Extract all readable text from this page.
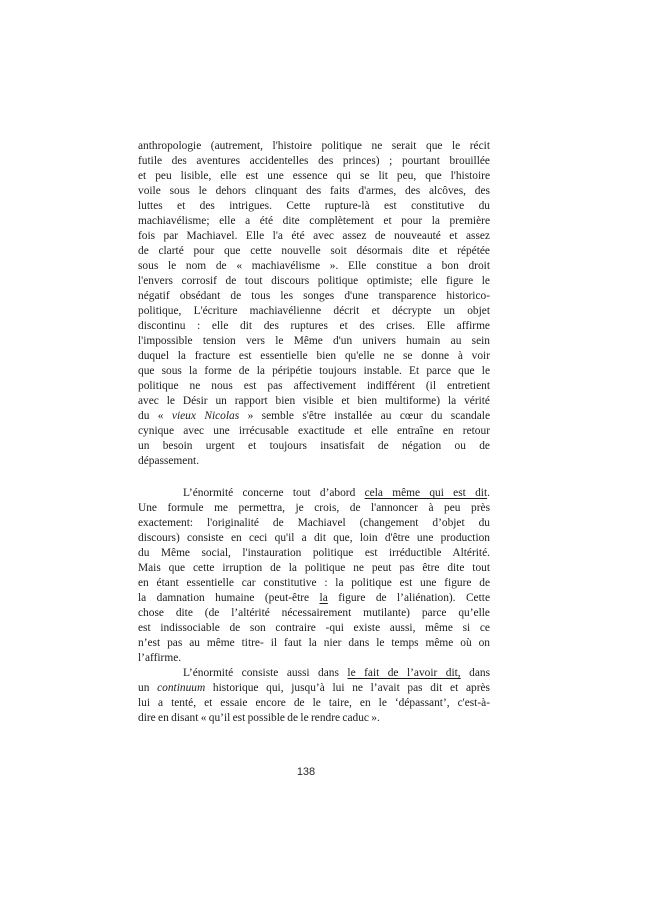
anthropologie (autrement, l'histoire politique ne serait que le récit
futile des aventures accidentelles des princes) ; pourtant brouillée
et peu lisible, elle est une essence qui se lit peu, que l'histoire
voile sous le dehors clinquant des faits d'armes, des alcôves, des
luttes et des intrigues. Cette rupture-là est constitutive du
machiavélisme; elle a été dite complètement et pour la première
fois par Machiavel. Elle l'a été avec assez de nouveauté et assez
de clarté pour que cette nouvelle soit désormais dite et répétée
sous le nom de « machiavélisme ». Elle constitue a bon droit
l'envers corrosif de tout discours politique optimiste; elle figure le
négatif obsédant de tous les songes d'une transparence historico-
politique, L'écriture machiavélienne décrit et décrypte un objet
discontinu : elle dit des ruptures et des crises. Elle affirme
l'impossible tension vers le Même d'un univers humain au sein
duquel la fracture est essentielle bien qu'elle ne se donne à voir
que sous la forme de la péripétie toujours instable. Et parce que le
politique ne nous est pas affectivement indifférent (il entretient
avec le Désir un rapport bien visible et bien multiforme) la vérité
du « vieux Nicolas » semble s'être installée au cœur du scandale
cynique avec une irrécusable exactitude et elle entraîne en retour
un besoin urgent et toujours insatisfait de négation ou de
dépassement.
L’énormité concerne tout d’abord cela même qui est dit.
Une formule me permettra, je crois, de l'annoncer à peu près
exactement: l'originalité de Machiavel (changement d’objet du
discours) consiste en ceci qu'il a dit que, loin d'être une production
du Même social, l'instauration politique est irréductible Altérité.
Mais que cette irruption de la politique ne peut pas être dite tout
en étant essentielle car constitutive : la politique est une figure de
la damnation humaine (peut-être la figure de l’aliénation). Cette
chose dite (de l’altérité nécessairement mutilante) parce qu’elle
est indissociable de son contraire -qui existe aussi, même si ce
n’est pas au même titre- il faut la nier dans le temps même où on
l’affirme.
L’énormité consiste aussi dans le fait de l’avoir dit, dans
un continuum historique qui, jusqu’à lui ne l’avait pas dit et après
lui a tenté, et essaie encore de le taire, en le ‘dépassant’, c'est-à-
dire en disant « qu’il est possible de le rendre caduc ».
138
